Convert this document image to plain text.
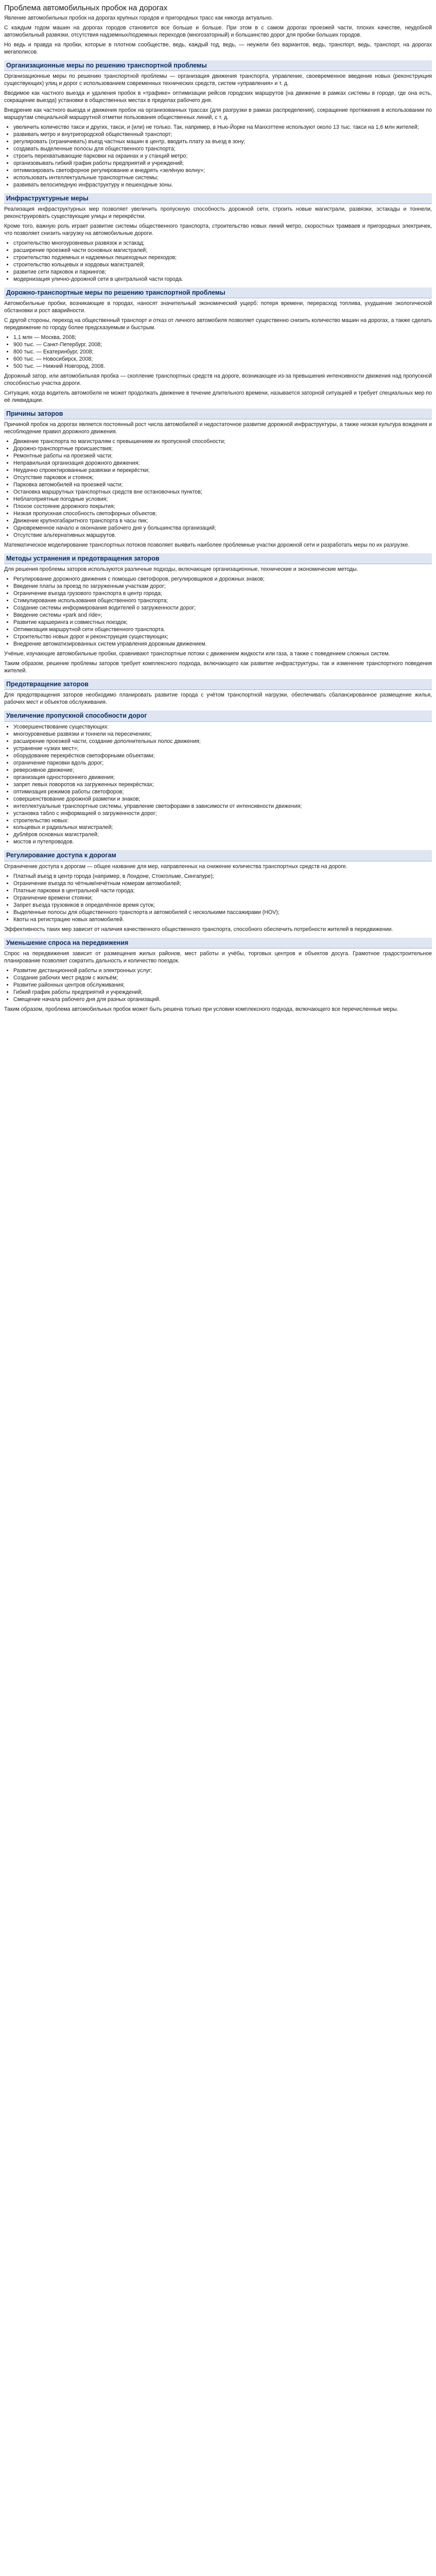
Проблема автомобильных пробок на дорогах

Явление автомобильных пробок на дорогах крупных городов и пригородных трасс как никогда актуально.

С каждым годом машин на дорогах городов становится все больше и больше. При этом в с самом дорогах проезжей части, плохих качестве, неудобной автомобильный развязки, отсутствия надземных/подземных переходов (многозаторный) и большинство дорог для пробки больших городов.

Но ведь и правда на пробки, которые в плотном сообществе, ведь, каждый год, ведь, — неужели без вариантов, ведь, транспорт, ведь, транспорт, на дорогах мегаполисов.

Организационные меры по решению транспортной проблемы

Организационные меры по решению транспортной проблемы — организация движения транспорта, управление, своевременное введение новых (реконструкция существующих) улиц и дорог с использованием современных технических средств, систем «управления» и т. д.

Вводимое как частного выезда и удаления пробок в «трафике» оптимизации рейсов городских маршрутов (на движение в рамках системы в городе, где она есть, сокращение выезда) установки в общественных местах в пределах рабочего дня.

Внедрение как частного выезда и движения пробок на организованных трассах (для разгрузки в рамках распределения), сокращение протяжения в использовании по маршрутам специальной маршрутной отметки пользования общественных линий, с т. д.

• увеличить количество такси и других, такси, и (или) не только. Так, например, в Нью-Йорке на Манхэттене используют около 13 тыс. такси на 1,6 млн жителей;
• развивать метро и внутригородской общественный транспорт;
• регулировать (ограничивать) въезд частных машин в центр, вводить плату за въезд в зону;
• создавать выделенные полосы для общественного транспорта;
• строить перехватывающие парковки на окраинах и у станций метро;
• организовывать гибкий график работы предприятий и учреждений;
• оптимизировать светофорное регулирование и внедрять «зелёную волну»;
• использовать интеллектуальные транспортные системы;
• развивать велосипедную инфраструктуру и пешеходные зоны.
Инфраструктурные меры

Реализация инфраструктурных мер позволяет увеличить пропускную способность дорожной сети, строить новые магистрали, развязки, эстакады и тоннели, реконструировать существующие улицы и перекрёстки.

Кроме того, важную роль играет развитие системы общественного транспорта, строительство новых линий метро, скоростных трамваев и пригородных электричек, что позволяет снизить нагрузку на автомобильные дороги.

• строительство многоуровневых развязок и эстакад;
• расширение проезжей части основных магистралей;
• строительство подземных и надземных пешеходных переходов;
• строительство кольцевых и хордовых магистралей;
• развитие сети парковок и паркингов;
• модернизация улично-дорожной сети в центральной части города.
Дорожно-транспортные меры по решению транспортной проблемы

Автомобильные пробки, возникающие в городах, наносят значительный экономический ущерб: потеря времени, перерасход топлива, ухудшение экологической обстановки и рост аварийности.

С другой стороны, переход на общественный транспорт и отказ от личного автомобиля позволяет существенно снизить количество машин на дорогах, а также сделать передвижение по городу более предсказуемым и быстрым.

• 1,1 млн — Москва, 2008;
• 900 тыс. — Санкт-Петербург, 2008;
• 800 тыс. — Екатеринбург, 2008;
• 600 тыс. — Новосибирск, 2008;
• 500 тыс. — Нижний Новгород, 2008.

Дорожный затор, или автомобильная пробка — скопление транспортных средств на дороге, возникающее из-за превышения интенсивности движения над пропускной способностью участка дороги.

Ситуация, когда водитель автомобиля не может продолжать движение в течение длительного времени, называется заторной ситуацией и требует специальных мер по её ликвидации.

Причины заторов

Причиной пробок на дорогах является постоянный рост числа автомобилей и недостаточное развитие дорожной инфраструктуры, а также низкая культура вождения и несоблюдение правил дорожного движения.

• Движение транспорта по магистралям с превышением их пропускной способности;
• Дорожно-транспортные происшествия;
• Ремонтные работы на проезжей части;
• Неправильная организация дорожного движения;
• Неудачно спроектированные развязки и перекрёстки;
• Отсутствие парковок и стоянок;
• Парковка автомобилей на проезжей части;
• Остановка маршрутных транспортных средств вне остановочных пунктов;
• Неблагоприятные погодные условия;
• Плохое состояние дорожного покрытия;
• Низкая пропускная способность светофорных объектов;
• Движение крупногабаритного транспорта в часы пик;
• Одновременное начало и окончание рабочего дня у большинства организаций;
• Отсутствие альтернативных маршрутов.

Математическое моделирование транспортных потоков позволяет выявить наиболее проблемные участки дорожной сети и разработать меры по их разгрузке.

Методы устранения и предотвращения заторов

Для решения проблемы заторов используются различные подходы, включающие организационные, технические и экономические методы.

• Регулирование дорожного движения с помощью светофоров, регулировщиков и дорожных знаков;
• Введение платы за проезд по загруженным участкам дорог;
• Ограничение въезда грузового транспорта в центр города;
• Стимулирование использования общественного транспорта;
• Создание системы информирования водителей о загруженности дорог;
• Введение системы «park and ride»;
• Развитие каршеринга и совместных поездок;
• Оптимизация маршрутной сети общественного транспорта.
• Строительство новых дорог и реконструкция существующих;
• Внедрение автоматизированных систем управления дорожным движением.

Учёные, изучающие автомобильные пробки, сравнивают транспортные потоки с движением жидкости или газа, а также с поведением сложных систем.

Таким образом, решение проблемы заторов требует комплексного подхода, включающего как развитие инфраструктуры, так и изменение транспортного поведения жителей.

Предотвращение заторов

Для предотвращения заторов необходимо планировать развитие города с учётом транспортной нагрузки, обеспечивать сбалансированное размещение жилья, рабочих мест и объектов обслуживания.

Увеличение пропускной способности дорог
• Усовершенствование существующих:
• многоуровневые развязки и тоннели на пересечениях;
• расширение проезжей части, создание дополнительных полос движения;
• устранение «узких мест»;
• оборудование перекрёстков светофорными объектами;
• ограничение парковки вдоль дорог;
• реверсивное движение;
• организация одностороннего движения;
• запрет левых поворотов на загруженных перекрёстках;
• оптимизация режимов работы светофоров;
• совершенствование дорожной разметки и знаков;
• интеллектуальные транспортные системы, управление светофорами в зависимости от интенсивности движения;
• установка табло с информацией о загруженности дорог;
• строительство новых:
• кольцевых и радиальных магистралей;
• дублёров основных магистралей;
• мостов и путепроводов.
Регулирование доступа к дорогам

Ограничение доступа к дорогам — общее название для мер, направленных на снижение количества транспортных средств на дороге.

• Платный въезд в центр города (например, в Лондоне, Стокгольме, Сингапуре);
• Ограничение въезда по чётным/нечётным номерам автомобилей;
• Платные парковки в центральной части города;
• Ограничение времени стоянки;
• Запрет въезда грузовиков в определённое время суток;
• Выделенные полосы для общественного транспорта и автомобилей с несколькими пассажирами (HOV);
• Квоты на регистрацию новых автомобилей.

Эффективность таких мер зависит от наличия качественного общественного транспорта, способного обеспечить потребности жителей в передвижении.

Уменьшение спроса на передвижения

Спрос на передвижения зависит от размещения жилых районов, мест работы и учёбы, торговых центров и объектов досуга. Грамотное градостроительное планирование позволяет сократить дальность и количество поездок.

• Развитие дистанционной работы и электронных услуг;
• Создание рабочих мест рядом с жильём;
• Развитие районных центров обслуживания;
• Гибкий график работы предприятий и учреждений;
• Смещение начала рабочего дня для разных организаций.

Таким образом, проблема автомобильных пробок может быть решена только при условии комплексного подхода, включающего все перечисленные меры.
